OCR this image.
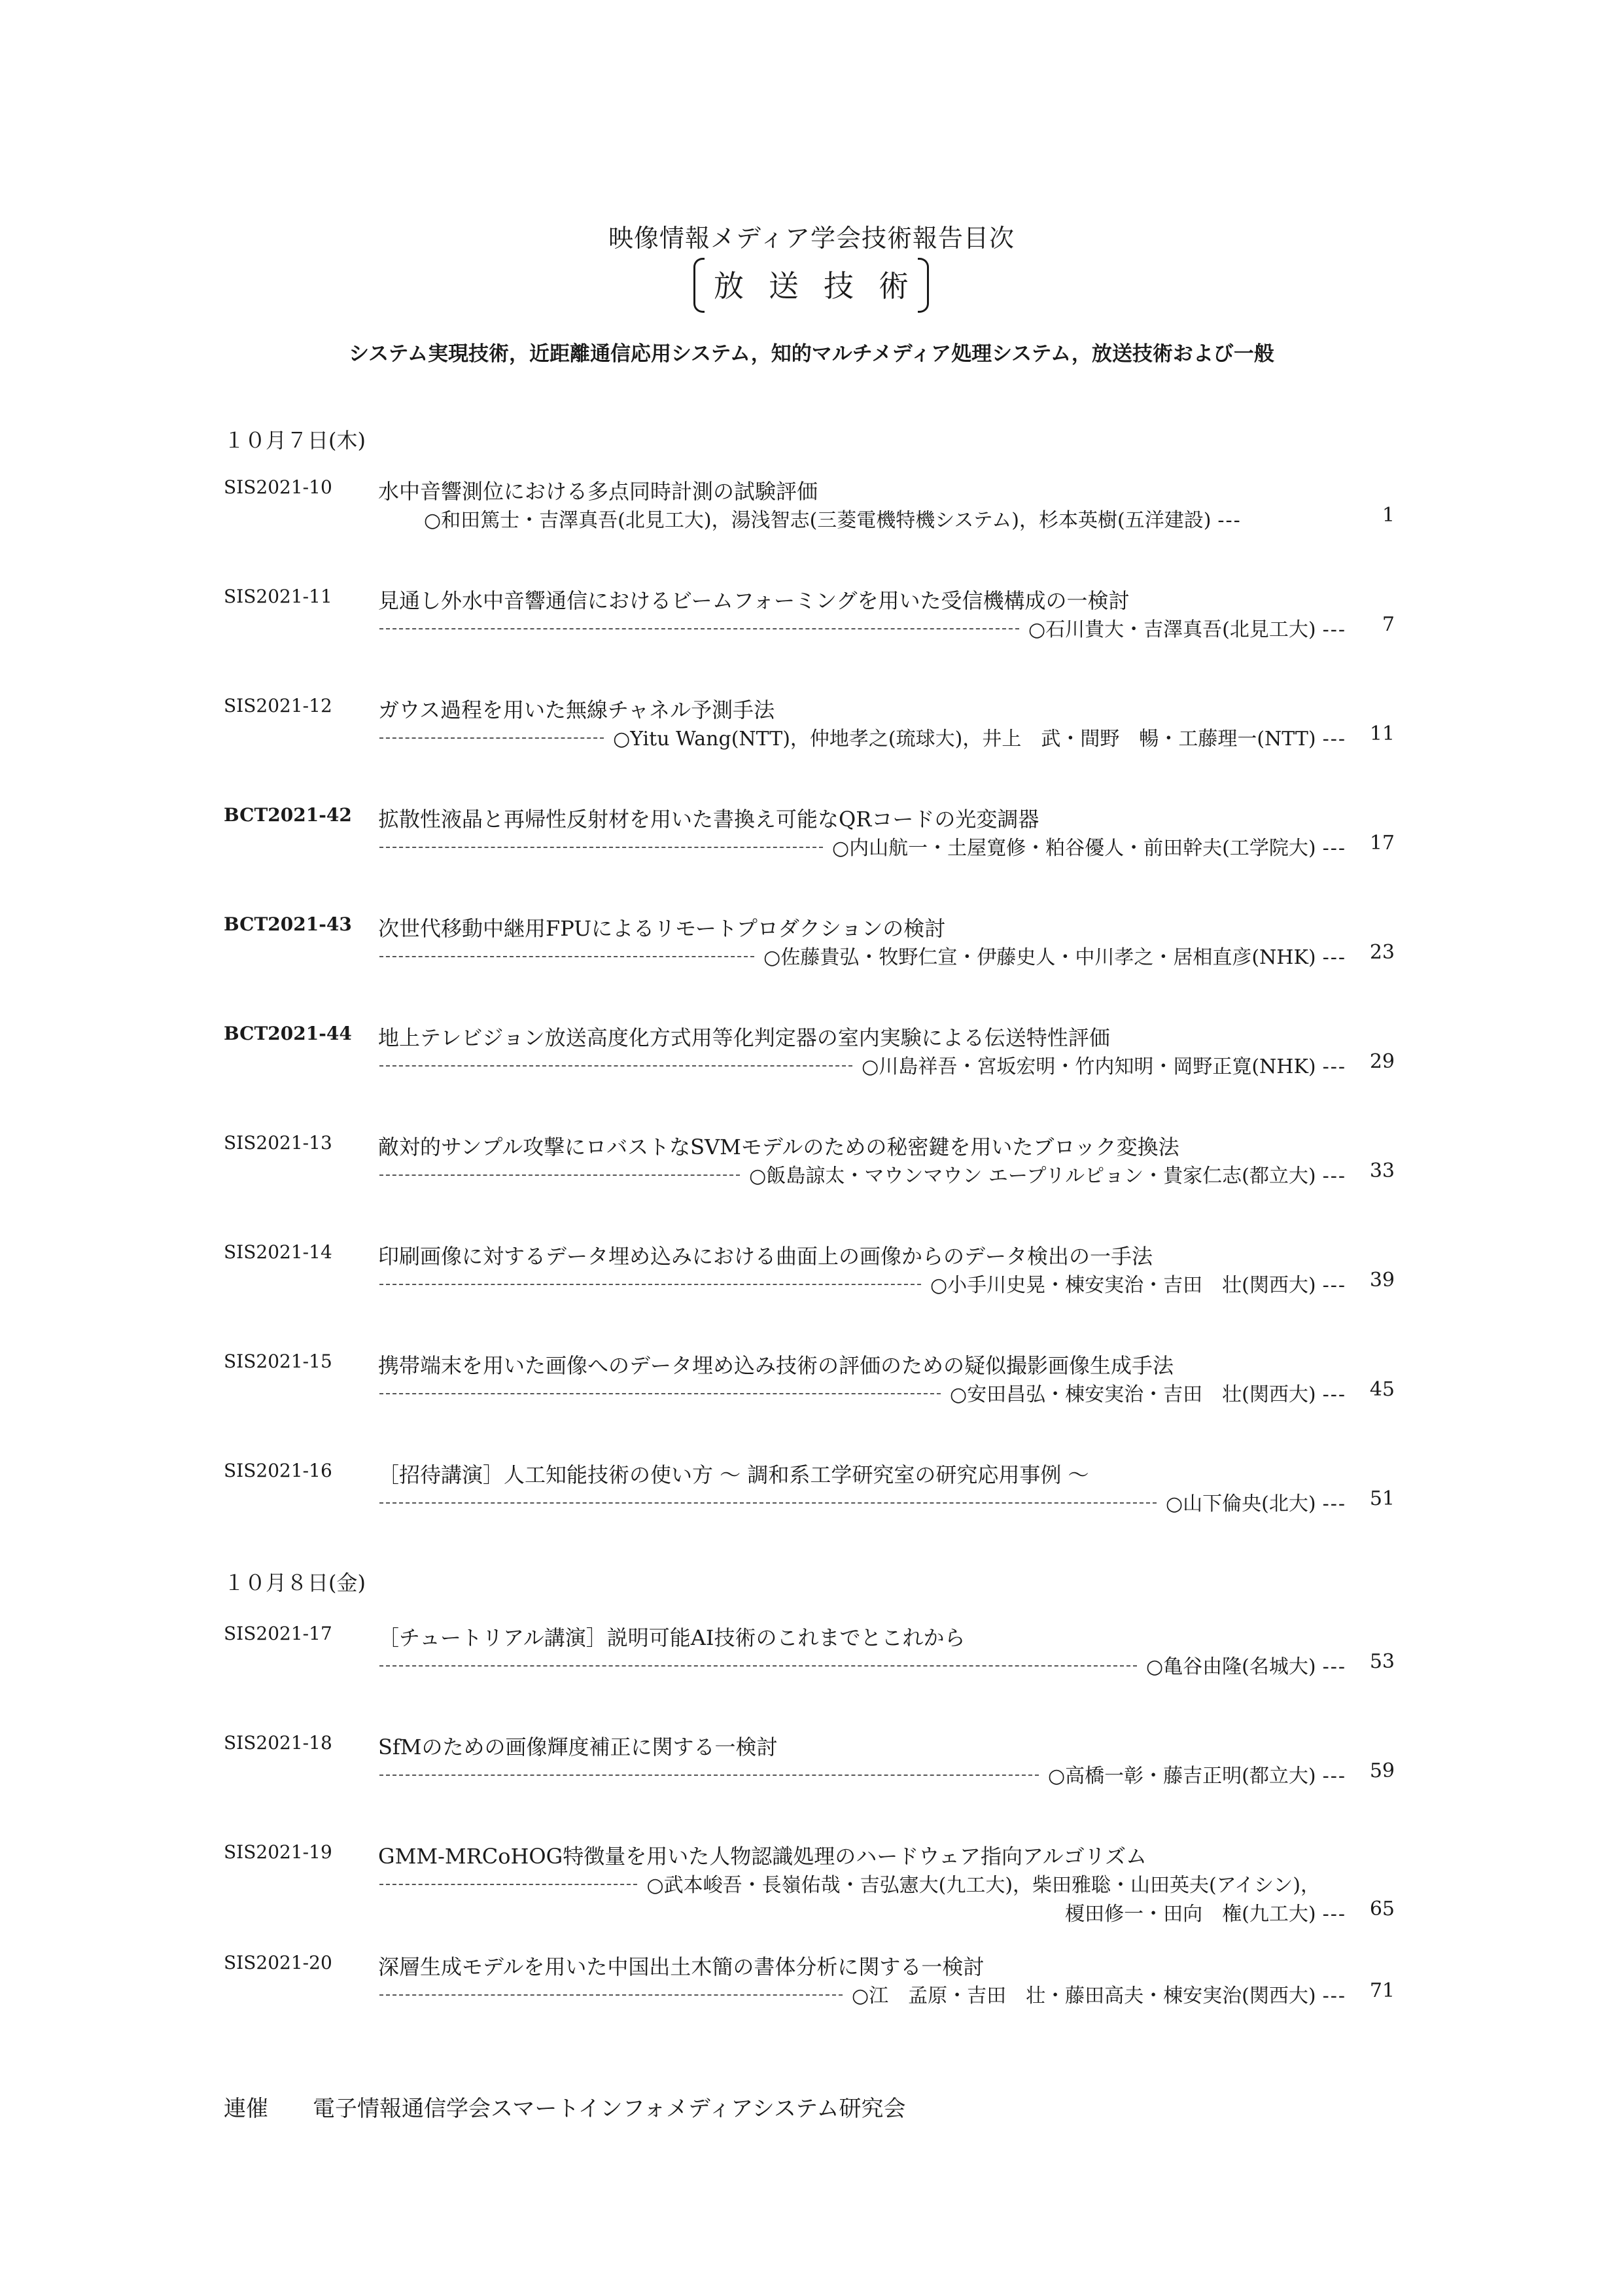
映像情報メディア学会技術報告目次
放送技術
システム実現技術，近距離通信応用システム，知的マルチメディア処理システム，放送技術および一般
１０月７日(木)
SIS2021-10 水中音響測位における多点同時計測の試験評価
○和田篤士・吉澤真吾(北見工大)，湯浅智志(三菱電機特機システム)，杉本英樹(五洋建設) ---	1
SIS2021-11 見通し外水中音響通信におけるビームフォーミングを用いた受信機構成の一検討
○石川貴大・吉澤真吾(北見工大) ---	7
SIS2021-12 ガウス過程を用いた無線チャネル予測手法
○Yitu Wang(NTT)，仲地孝之(琉球大)，井上　武・間野　暢・工藤理一(NTT) ---	11
BCT2021-42 拡散性液晶と再帰性反射材を用いた書換え可能なQRコードの光変調器
○内山航一・土屋寛修・粕谷優人・前田幹夫(工学院大) ---	17
BCT2021-43 次世代移動中継用FPUによるリモートプロダクションの検討
○佐藤貴弘・牧野仁宣・伊藤史人・中川孝之・居相直彦(NHK) ---	23
BCT2021-44 地上テレビジョン放送高度化方式用等化判定器の室内実験による伝送特性評価
○川島祥吾・宮坂宏明・竹内知明・岡野正寛(NHK) ---	29
SIS2021-13 敵対的サンプル攻撃にロバストなSVMモデルのための秘密鍵を用いたブロック変換法
○飯島諒太・マウンマウン エープリルピョン・貴家仁志(都立大) ---	33
SIS2021-14 印刷画像に対するデータ埋め込みにおける曲面上の画像からのデータ検出の一手法
○小手川史晃・棟安実治・吉田　壮(関西大) ---	39
SIS2021-15 携帯端末を用いた画像へのデータ埋め込み技術の評価のための疑似撮影画像生成手法
○安田昌弘・棟安実治・吉田　壮(関西大) ---	45
SIS2021-16 ［招待講演］人工知能技術の使い方 ～ 調和系工学研究室の研究応用事例 ～
○山下倫央(北大) ---	51
１０月８日(金)
SIS2021-17 ［チュートリアル講演］説明可能AI技術のこれまでとこれから
○亀谷由隆(名城大) ---	53
SIS2021-18 SfMのための画像輝度補正に関する一検討
○高橋一彰・藤吉正明(都立大) ---	59
SIS2021-19 GMM-MRCoHOG特徴量を用いた人物認識処理のハードウェア指向アルゴリズム
○武本峻吾・長嶺佑哉・吉弘憲大(九工大)，柴田雅聡・山田英夫(アイシン)，
榎田修一・田向　権(九工大) ---	65
SIS2021-20 深層生成モデルを用いた中国出土木簡の書体分析に関する一検討
○江　孟原・吉田　壮・藤田高夫・棟安実治(関西大) ---	71
連催 電子情報通信学会スマートインフォメディアシステム研究会
